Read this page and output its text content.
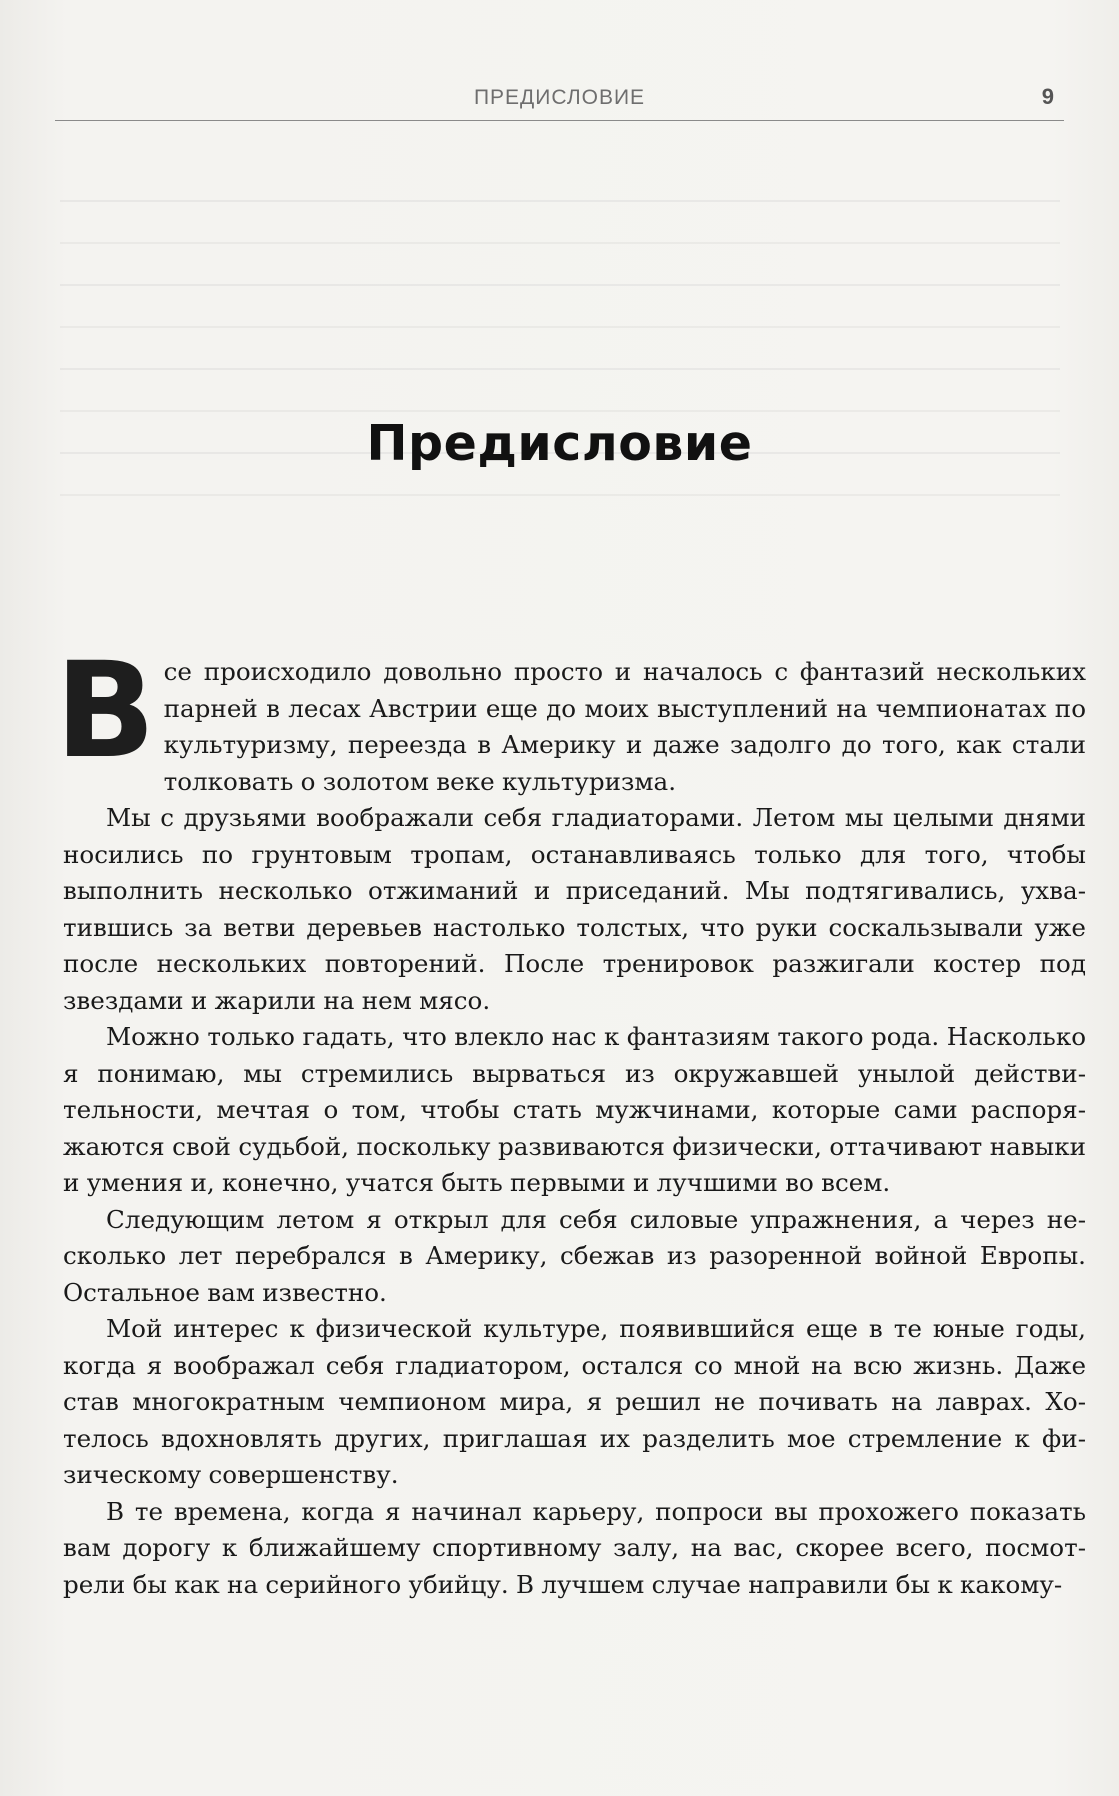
ПРЕДИСЛОВИЕ	9
Предисловие

Все происходило довольно просто и началось с фантазий нескольких парней в лесах Австрии еще до моих выступлений на чемпионатах по культуризму, переезда в Америку и даже задолго до того, как стали толковать о золотом веке культуризма.

Мы с друзьями воображали себя гладиаторами. Летом мы целыми днями носились по грунтовым тропам, останавливаясь только для того, чтобы выполнить несколько отжиманий и приседаний. Мы подтягивались, ухватившись за ветви деревьев настолько толстых, что руки соскальзывали уже после нескольких повторений. После тренировок разжигали костер под звездами и жарили на нем мясо.

Можно только гадать, что влекло нас к фантазиям такого рода. Насколько я понимаю, мы стремились вырваться из окружавшей унылой действительности, мечтая о том, чтобы стать мужчинами, которые сами распоряжаются свой судьбой, поскольку развиваются физически, оттачивают навыки и умения и, конечно, учатся быть первыми и лучшими во всем.

Следующим летом я открыл для себя силовые упражнения, а через несколько лет перебрался в Америку, сбежав из разоренной войной Европы. Остальное вам известно.

Мой интерес к физической культуре, появившийся еще в те юные годы, когда я воображал себя гладиатором, остался со мной на всю жизнь. Даже став многократным чемпионом мира, я решил не почивать на лаврах. Хотелось вдохновлять других, приглашая их разделить мое стремление к физическому совершенству.

В те времена, когда я начинал карьеру, попроси вы прохожего показать вам дорогу к ближайшему спортивному залу, на вас, скорее всего, посмотрели бы как на серийного убийцу. В лучшем случае направили бы к какому-
